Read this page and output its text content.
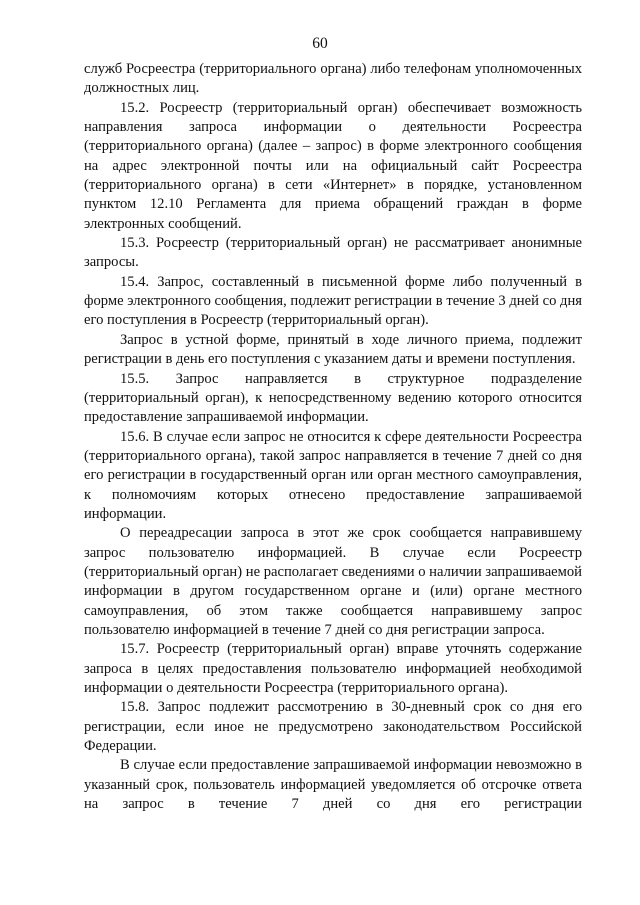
60

служб Росреестра (территориального органа) либо телефонам уполномоченных должностных лиц.

15.2. Росреестр (территориальный орган) обеспечивает возможность направления запроса информации о деятельности Росреестра (территориального органа) (далее – запрос) в форме электронного сообщения на адрес электронной почты или на официальный сайт Росреестра (территориального органа) в сети «Интернет» в порядке, установленном пунктом 12.10 Регламента для приема обращений граждан в форме электронных сообщений.

15.3. Росреестр (территориальный орган) не рассматривает анонимные запросы.

15.4. Запрос, составленный в письменной форме либо полученный в форме электронного сообщения, подлежит регистрации в течение 3 дней со дня его поступления в Росреестр (территориальный орган).

Запрос в устной форме, принятый в ходе личного приема, подлежит регистрации в день его поступления с указанием даты и времени поступления.

15.5. Запрос направляется в структурное подразделение (территориальный орган), к непосредственному ведению которого относится предоставление запрашиваемой информации.

15.6. В случае если запрос не относится к сфере деятельности Росреестра (территориального органа), такой запрос направляется в течение 7 дней со дня его регистрации в государственный орган или орган местного самоуправления, к полномочиям которых отнесено предоставление запрашиваемой информации.

О переадресации запроса в этот же срок сообщается направившему запрос пользователю информацией. В случае если Росреестр (территориальный орган) не располагает сведениями о наличии запрашиваемой информации в другом государственном органе и (или) органе местного самоуправления, об этом также сообщается направившему запрос пользователю информацией в течение 7 дней со дня регистрации запроса.

15.7. Росреестр (территориальный орган) вправе уточнять содержание запроса в целях предоставления пользователю информацией необходимой информации о деятельности Росреестра (территориального органа).

15.8. Запрос подлежит рассмотрению в 30-дневный срок со дня его регистрации, если иное не предусмотрено законодательством Российской Федерации.

В случае если предоставление запрашиваемой информации невозможно в указанный срок, пользователь информацией уведомляется об отсрочке ответа на запрос в течение 7 дней со дня его регистрации
